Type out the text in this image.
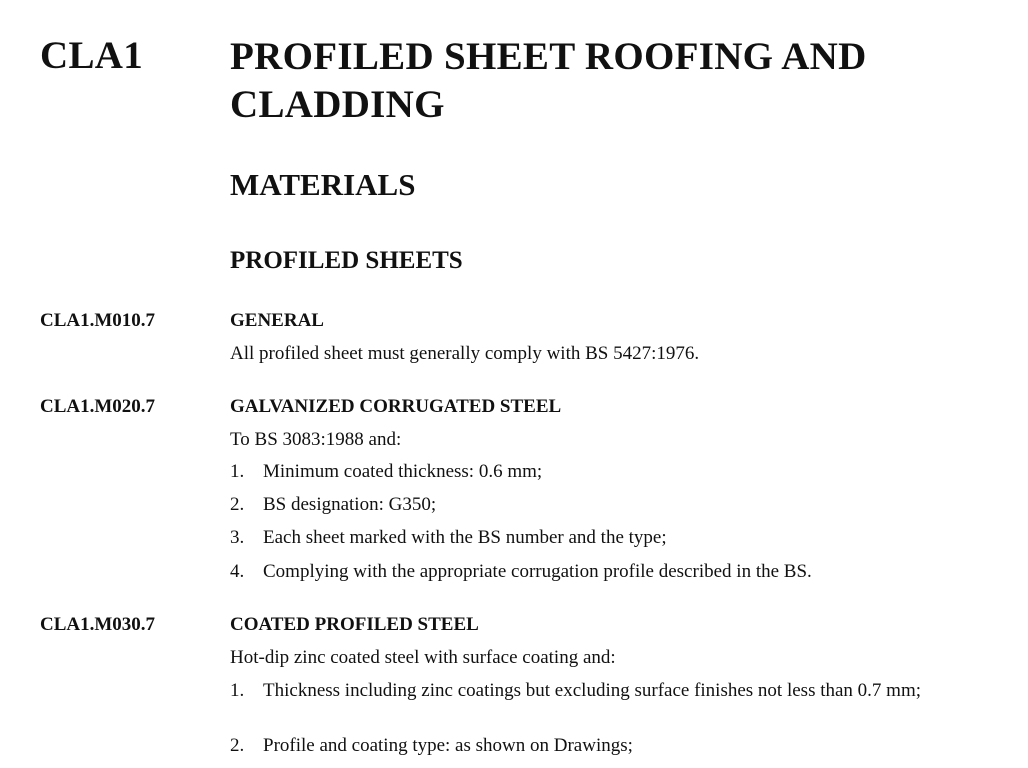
CLA1 PROFILED SHEET ROOFING AND CLADDING
MATERIALS
PROFILED SHEETS
CLA1.M010.7	GENERAL
All profiled sheet must generally comply with BS 5427:1976.
CLA1.M020.7	GALVANIZED CORRUGATED STEEL
To BS 3083:1988 and:
1. Minimum coated thickness: 0.6 mm;
2. BS designation: G350;
3. Each sheet marked with the BS number and the type;
4. Complying with the appropriate corrugation profile described in the BS.
CLA1.M030.7	COATED PROFILED STEEL
Hot-dip zinc coated steel with surface coating and:
1. Thickness including zinc coatings but excluding surface finishes not less than 0.7 mm;
2. Profile and coating type: as shown on Drawings;
